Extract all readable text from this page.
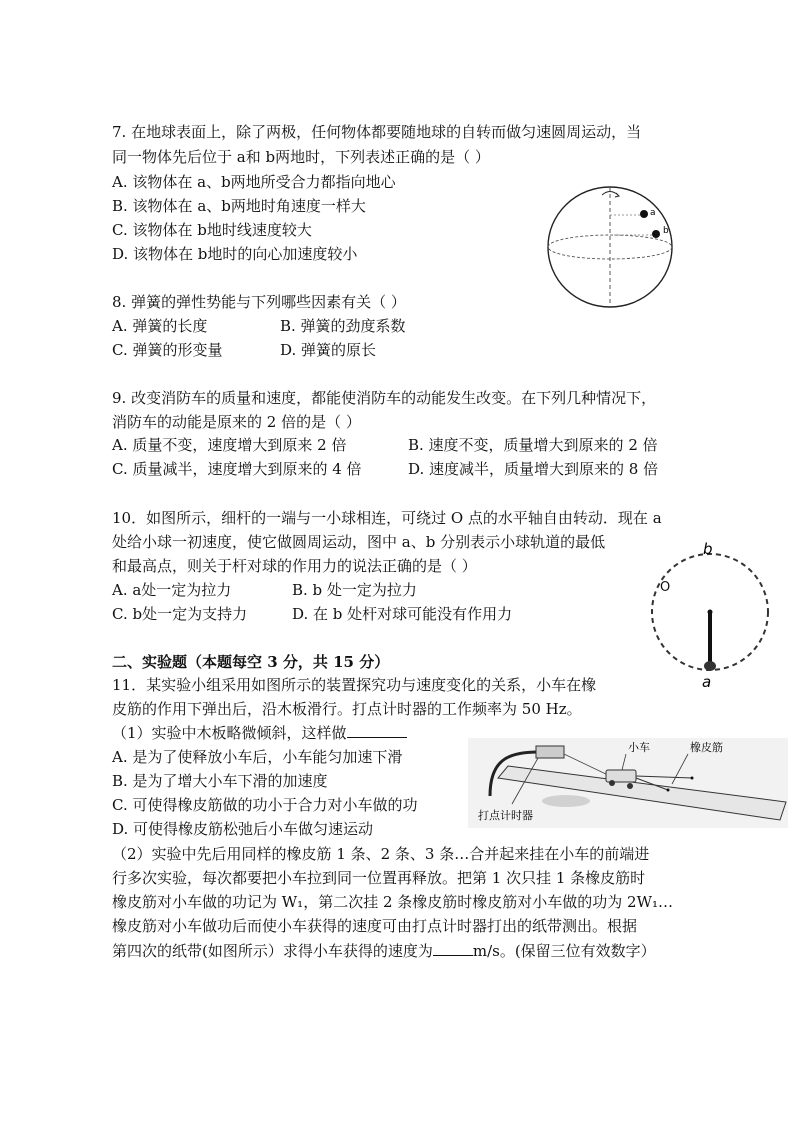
7. 在地球表面上，除了两极，任何物体都要随地球的自转而做匀速圆周运动，当
同一物体先后位于 a和 b两地时，下列表述正确的是（ ）
A. 该物体在 a、b两地所受合力都指向地心
B. 该物体在 a、b两地时角速度一样大
C. 该物体在 b地时线速度较大
D. 该物体在 b地时的向心加速度较小
a
b
8. 弹簧的弹性势能与下列哪些因素有关（ ）
A. 弹簧的长度	B. 弹簧的劲度系数
C. 弹簧的形变量	D. 弹簧的原长
9. 改变消防车的质量和速度，都能使消防车的动能发生改变。在下列几种情况下，
消防车的动能是原来的 2 倍的是（ ）
A. 质量不变，速度增大到原来 2 倍	B. 速度不变，质量增大到原来的 2 倍
C. 质量减半，速度增大到原来的 4 倍	D. 速度减半，质量增大到原来的 8 倍
10．如图所示，细杆的一端与一小球相连，可绕过 O 点的水平轴自由转动．现在 a
处给小球一初速度，使它做圆周运动，图中 a、b 分别表示小球轨道的最低
和最高点，则关于杆对球的作用力的说法正确的是（ ）
A. a处一定为拉力	B. b 处一定为拉力
C. b处一定为支持力	D. 在 b 处杆对球可能没有作用力
b
a
O
二、实验题（本题每空 3 分，共 15 分）
11．某实验小组采用如图所示的装置探究功与速度变化的关系，小车在橡
皮筋的作用下弹出后，沿木板滑行。打点计时器的工作频率为 50 Hz。
（1）实验中木板略微倾斜，这样做
A. 是为了使释放小车后，小车能匀加速下滑
B. 是为了增大小车下滑的加速度
C. 可使得橡皮筋做的功小于合力对小车做的功
D. 可使得橡皮筋松弛后小车做匀速运动
小车	橡皮筋
打点计时器
（2）实验中先后用同样的橡皮筋 1 条、2 条、3 条…合并起来挂在小车的前端进
行多次实验，每次都要把小车拉到同一位置再释放。把第 1 次只挂 1 条橡皮筋时
橡皮筋对小车做的功记为 W₁，第二次挂 2 条橡皮筋时橡皮筋对小车做的功为 2W₁…
橡皮筋对小车做功后而使小车获得的速度可由打点计时器打出的纸带测出。根据
第四次的纸带(如图所示）求得小车获得的速度为	m/s。(保留三位有效数字）
